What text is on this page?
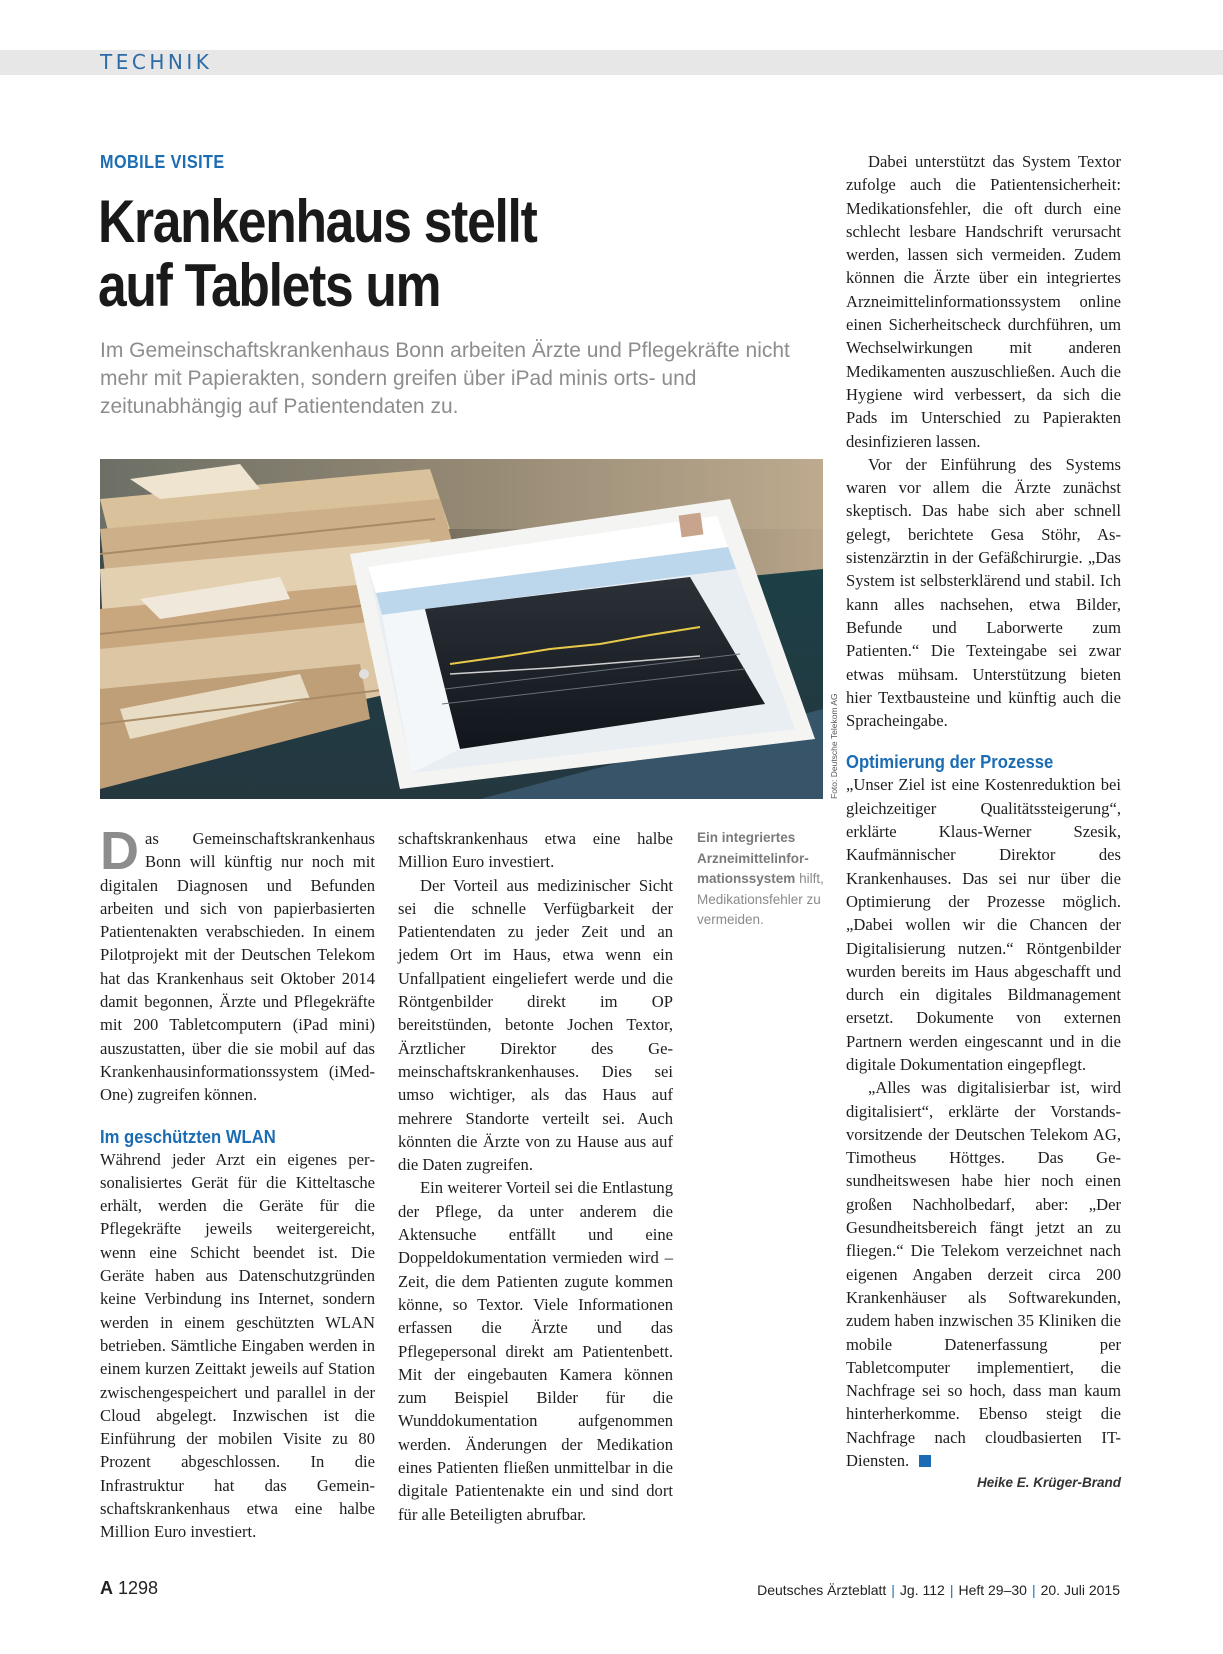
TECHNIK
MOBILE VISITE
Krankenhaus stellt
auf Tablets um
Im Gemeinschaftskrankenhaus Bonn arbeiten Ärzte und Pflegekräfte nicht mehr mit Papierakten, sondern greifen über iPad minis orts- und zeitunabhängig auf Patientendaten zu.
Foto: Deutsche Telekom AG
D as Gemeinschaftskrankenhaus Bonn will künftig nur noch mit digitalen Diagnosen und Befunden arbeiten und sich von papierbasierten Patientenakten verabschieden. In einem Pilotprojekt mit der Deutschen Telekom hat das Krankenhaus seit Oktober 2014 damit begonnen, Ärzte und Pflegekräfte mit 200 Tabletcomputern (iPad mini) auszustatten, über die sie mobil auf das Krankenhausinformationssystem (iMedOne) zugreifen können.

Im geschützten WLAN

Während jeder Arzt ein eigenes personalisiertes Gerät für die Kitteltasche erhält, werden die Geräte für die Pflegekräfte jeweils weitergereicht, wenn eine Schicht beendet ist. Die Geräte haben aus Datenschutzgründen keine Verbindung ins Internet, sondern werden in einem geschützten WLAN betrieben. Sämtliche Eingaben werden in einem kurzen Zeittakt jeweils auf Station zwischengespeichert und parallel in der Cloud abgelegt. Inzwischen ist die Einführung der mobilen Visite zu 80 Prozent abgeschlossen. In die Infrastruktur hat das Gemeinschaftskrankenhaus etwa eine halbe Million Euro investiert.

schaftskrankenhaus etwa eine halbe Million Euro investiert.

Der Vorteil aus medizinischer Sicht sei die schnelle Verfügbarkeit der Patientendaten zu jeder Zeit und an jedem Ort im Haus, etwa wenn ein Unfallpatient eingeliefert werde und die Röntgenbilder direkt im OP bereitstünden, betonte Jochen Textor, Ärztlicher Direktor des Gemeinschaftskrankenhauses. Dies sei umso wichtiger, als das Haus auf mehrere Standorte verteilt sei. Auch könnten die Ärzte von zu Hause aus auf die Daten zugreifen.

Ein weiterer Vorteil sei die Entlastung der Pflege, da unter anderem die Aktensuche entfällt und eine Doppeldokumentation vermieden wird – Zeit, die dem Patienten zugute kommen könne, so Textor. Viele Informationen erfassen die Ärzte und das Pflegepersonal direkt am Patientenbett. Mit der eingebauten Kamera können zum Beispiel Bilder für die Wunddokumentation aufgenommen werden. Änderungen der Medikation eines Patienten fließen unmittelbar in die digitale Patientenakte ein und sind dort für alle Beteiligten abrufbar.

Ein integriertes Arzneimittelinformationssystem hilft, Medikationsfehler zu vermeiden.

Dabei unterstützt das System Textor zufolge auch die Patientensicherheit: Medikationsfehler, die oft durch eine schlecht lesbare Handschrift verursacht werden, lassen sich vermeiden. Zudem können die Ärzte über ein integriertes Arzneimittelinformationssystem online einen Sicherheitscheck durchführen, um Wechselwirkungen mit anderen Medikamenten auszuschließen. Auch die Hygiene wird verbessert, da sich die Pads im Unterschied zu Papierakten desinfizieren lassen.

Vor der Einführung des Systems waren vor allem die Ärzte zunächst skeptisch. Das habe sich aber schnell gelegt, berichtete Gesa Stöhr, Assistenzärztin in der Gefäßchirurgie. „Das System ist selbsterklärend und stabil. Ich kann alles nachsehen, etwa Bilder, Befunde und Laborwerte zum Patienten.“ Die Texteingabe sei zwar etwas mühsam. Unterstützung bieten hier Textbausteine und künftig auch die Spracheingabe.

Optimierung der Prozesse

„Unser Ziel ist eine Kostenreduktion bei gleichzeitiger Qualitätssteigerung“, erklärte Klaus-Werner Szesik, Kaufmännischer Direktor des Krankenhauses. Das sei nur über die Optimierung der Prozesse möglich. „Dabei wollen wir die Chancen der Digitalisierung nutzen.“ Röntgenbilder wurden bereits im Haus abgeschafft und durch ein digitales Bildmanagement ersetzt. Dokumente von externen Partnern werden eingescannt und in die digitale Dokumentation eingepflegt.

„Alles was digitalisierbar ist, wird digitalisiert“, erklärte der Vorstandsvorsitzende der Deutschen Telekom AG, Timotheus Höttges. Das Gesundheitswesen habe hier noch einen großen Nachholbedarf, aber: „Der Gesundheitsbereich fängt jetzt an zu fliegen.“ Die Telekom verzeichnet nach eigenen Angaben derzeit circa 200 Krankenhäuser als Softwarekunden, zudem haben inzwischen 35 Kliniken die mobile Datenerfassung per Tabletcomputer implementiert, die Nachfrage sei so hoch, dass man kaum hinterherkomme. Ebenso steigt die Nachfrage nach cloudbasierten IT-Diensten.

Heike E. Krüger-Brand
A 1298	Deutsches Ärzteblatt | Jg. 112 | Heft 29–30 | 20. Juli 2015
